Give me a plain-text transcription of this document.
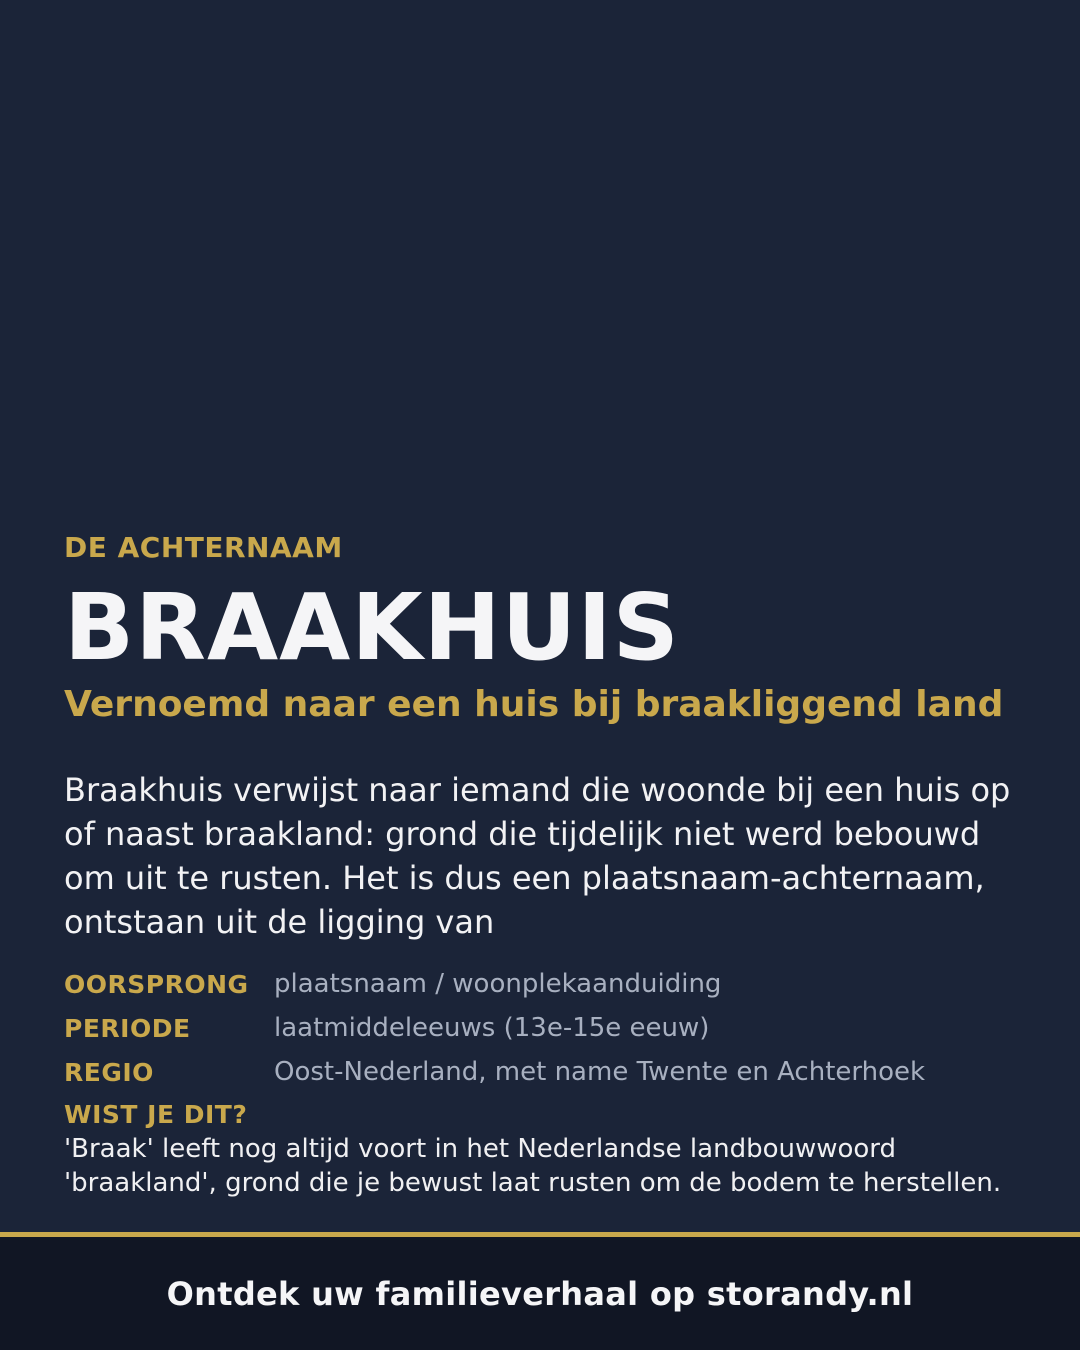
DE ACHTERNAAM
BRAAKHUIS
Vernoemd naar een huis bij braakliggend land
Braakhuis verwijst naar iemand die woonde bij een huis op of naast braakland: grond die tijdelijk niet werd bebouwd om uit te rusten. Het is dus een plaatsnaam-achternaam, ontstaan uit de ligging van
OORSPRONG plaatsnaam / woonplekaanduiding
PERIODE	laatmiddeleeuws (13e-15e eeuw)
REGIO	Oost-Nederland, met name Twente en Achterhoek
WIST JE DIT?
'Braak' leeft nog altijd voort in het Nederlandse landbouwwoord 'braakland', grond die je bewust laat rusten om de bodem te herstellen.
Ontdek uw familieverhaal op storandy.nl
